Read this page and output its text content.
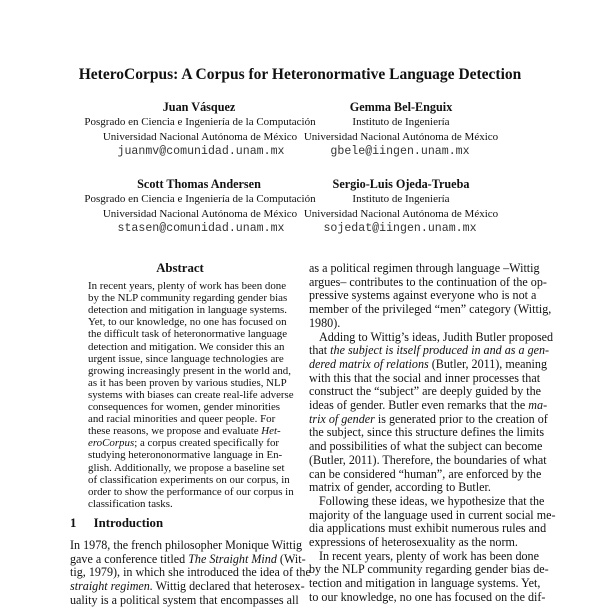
HeteroCorpus: A Corpus for Heteronormative Language Detection
Juan Vásquez
Posgrado en Ciencia e Ingeniería de la Computación
Universidad Nacional Autónoma de México
juanmv@comunidad.unam.mx
Gemma Bel-Enguix
Instituto de Ingeniería
Universidad Nacional Autónoma de México
gbele@iingen.unam.mx
Scott Thomas Andersen
Posgrado en Ciencia e Ingeniería de la Computación
Universidad Nacional Autónoma de México
stasen@comunidad.unam.mx
Sergio-Luis Ojeda-Trueba
Instituto de Ingeniería
Universidad Nacional Autónoma de México
sojedat@iingen.unam.mx
Abstract
In recent years, plenty of work has been done
by the NLP community regarding gender bias
detection and mitigation in language systems.
Yet, to our knowledge, no one has focused on
the difficult task of heteronormative language
detection and mitigation. We consider this an
urgent issue, since language technologies are
growing increasingly present in the world and,
as it has been proven by various studies, NLP
systems with biases can create real-life adverse
consequences for women, gender minorities
and racial minorities and queer people. For
these reasons, we propose and evaluate Het-
eroCorpus; a corpus created specifically for
studying heterononormative language in En-
glish. Additionally, we propose a baseline set
of classification experiments on our corpus, in
order to show the performance of our corpus in
classification tasks.
1 Introduction
In 1978, the french philosopher Monique Wittig
gave a conference titled The Straight Mind (Wit-
tig, 1979), in which she introduced the idea of the
straight regimen. Wittig declared that heterosex-
uality is a political system that encompasses all
as a political regimen through language –Wittig
argues– contributes to the continuation of the op-
pressive systems against everyone who is not a
member of the privileged “men” category (Wittig,
1980).
Adding to Wittig’s ideas, Judith Butler proposed
that the subject is itself produced in and as a gen-
dered matrix of relations (Butler, 2011), meaning
with this that the social and inner processes that
construct the “subject” are deeply guided by the
ideas of gender. Butler even remarks that the ma-
trix of gender is generated prior to the creation of
the subject, since this structure defines the limits
and possibilities of what the subject can become
(Butler, 2011). Therefore, the boundaries of what
can be considered “human”, are enforced by the
matrix of gender, according to Butler.
Following these ideas, we hypothesize that the
majority of the language used in current social me-
dia applications must exhibit numerous rules and
expressions of heterosexuality as the norm.
In recent years, plenty of work has been done
by the NLP community regarding gender bias de-
tection and mitigation in language systems. Yet,
to our knowledge, no one has focused on the dif-
